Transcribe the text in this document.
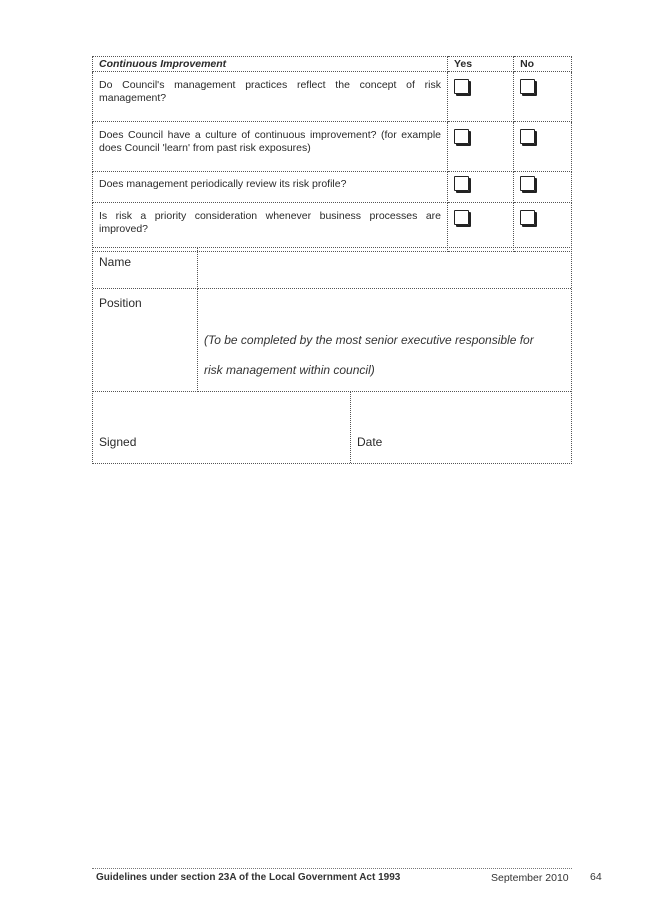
Continuous Improvement	Yes	No
Do Council's management practices reflect the concept of risk management?		
Does Council have a culture of continuous improvement? (for example does Council 'learn' from past risk exposures)		
Does management periodically review its risk profile?		
Is risk a priority consideration whenever business processes are improved?		
Name
Position
(To be completed by the most senior executive responsible for
risk management within council)
Signed	Date
Guidelines under section 23A of the Local Government Act 1993	September 2010 64
